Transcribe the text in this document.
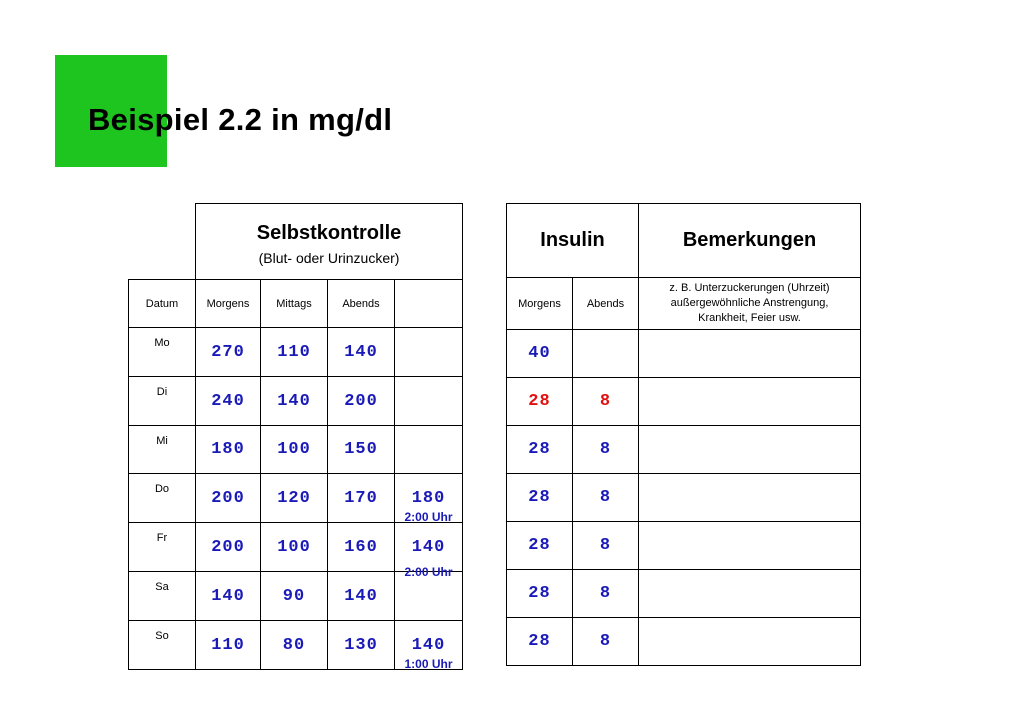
Beispiel 2.2 in mg/dl

	Selbstkontrolle
(Blut- oder Urinzucker)			

Datum	Morgens	Mittags	Abends	
Mo	270	110	140	
Di	240	140	200	
Mi	180	100	150	
Do	200	120	170	180
2:00 Uhr

Fr	200	100	160	140
2:00 Uhr

Sa	140	90	140	
So	110	80	130	140
1:00 Uhr
Insulin		Bemerkungen
Morgens	Abends	z. B. Unterzuckerungen (Uhrzeit)
außergewöhnliche Anstrengung,
Krankheit, Feier usw.

40		
28	8	
28	8	
28	8	
28	8	
28	8	
28	8	
